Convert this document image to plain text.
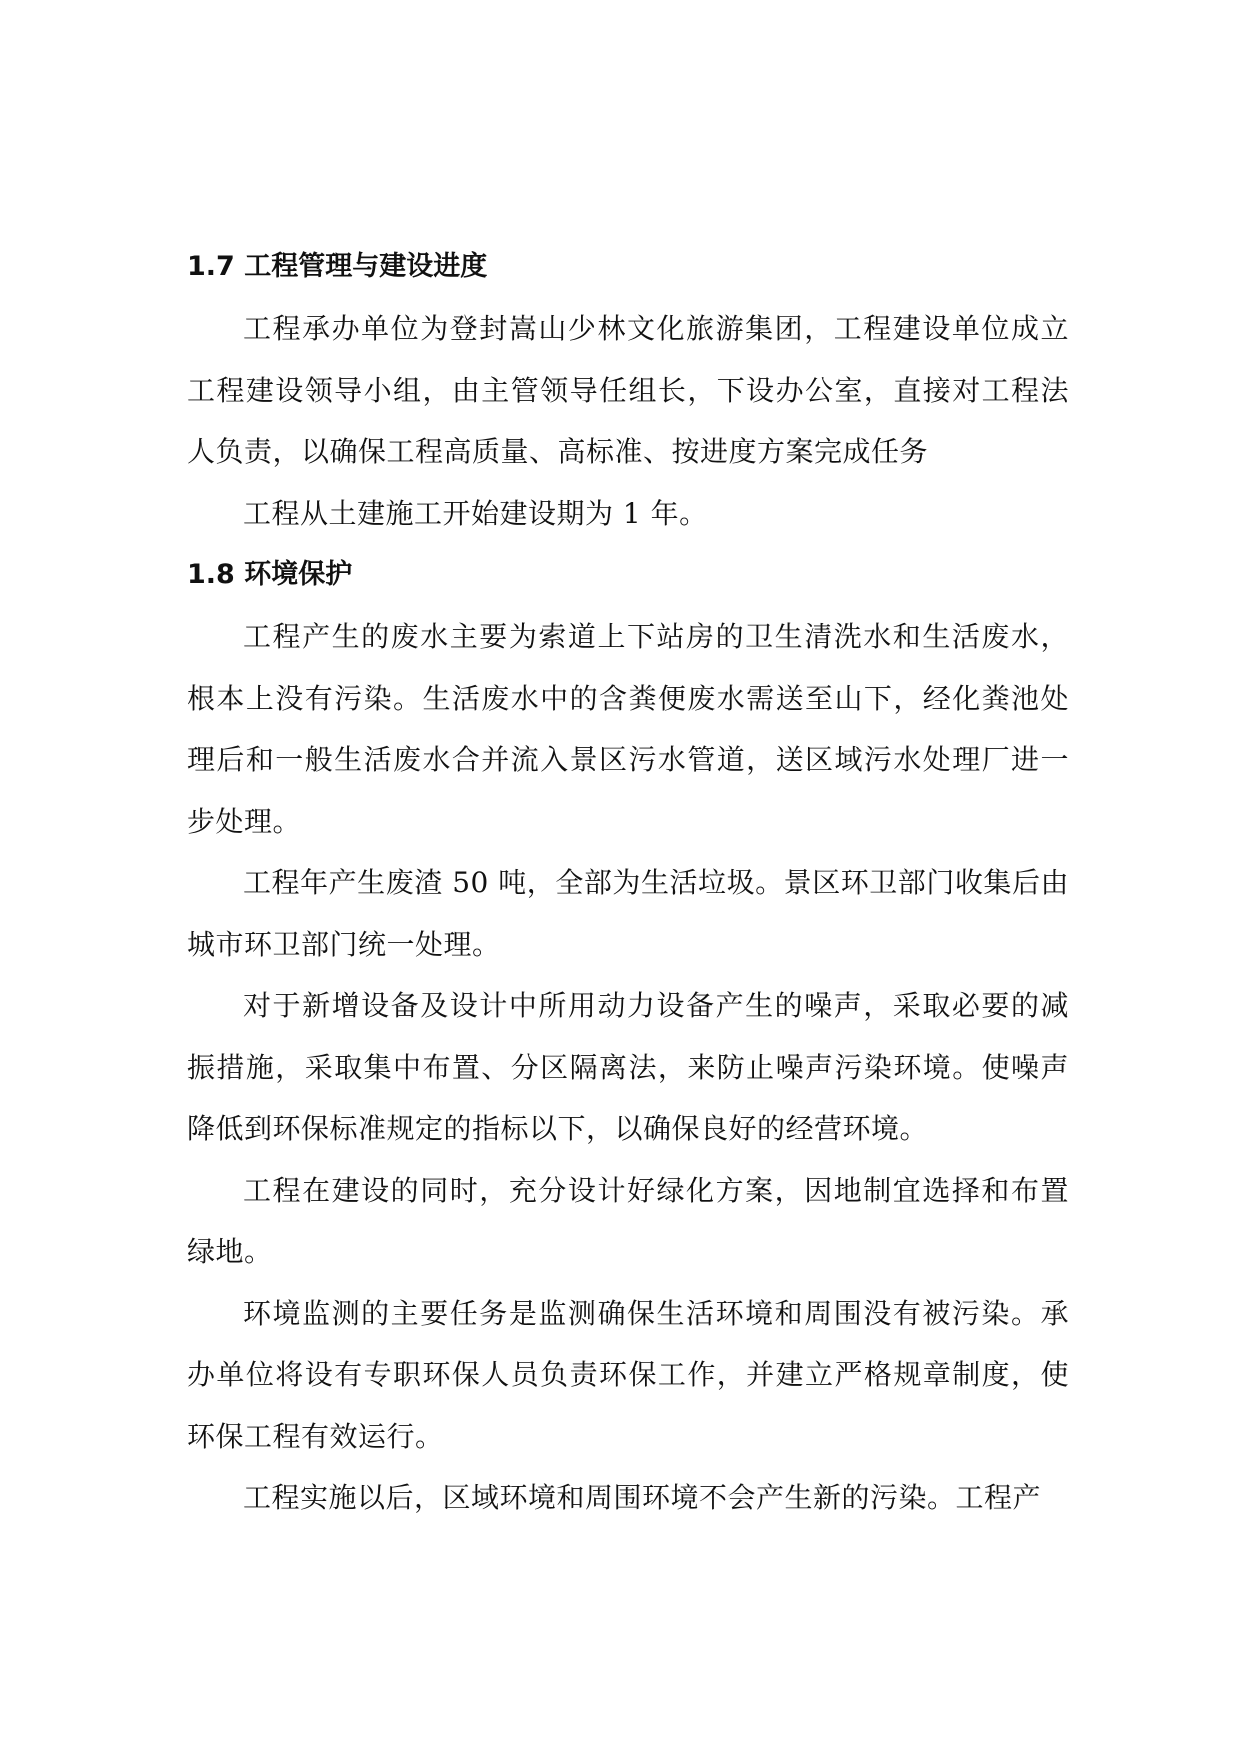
1.7 工程管理与建设进度

工程承办单位为登封嵩山少林文化旅游集团，工程建设单位成立工程建设领导小组，由主管领导任组长，下设办公室，直接对工程法人负责，以确保工程高质量、高标准、按进度方案完成任务

工程从土建施工开始建设期为 1 年。

1.8 环境保护

工程产生的废水主要为索道上下站房的卫生清洗水和生活废水，根本上没有污染。生活废水中的含粪便废水需送至山下，经化粪池处理后和一般生活废水合并流入景区污水管道，送区域污水处理厂进一步处理。

工程年产生废渣 50 吨，全部为生活垃圾。景区环卫部门收集后由城市环卫部门统一处理。

对于新增设备及设计中所用动力设备产生的噪声，采取必要的减振措施，采取集中布置、分区隔离法，来防止噪声污染环境。使噪声降低到环保标准规定的指标以下，以确保良好的经营环境。

工程在建设的同时，充分设计好绿化方案，因地制宜选择和布置绿地。

环境监测的主要任务是监测确保生活环境和周围没有被污染。承办单位将设有专职环保人员负责环保工作，并建立严格规章制度，使环保工程有效运行。

工程实施以后，区域环境和周围环境不会产生新的污染。工程产
